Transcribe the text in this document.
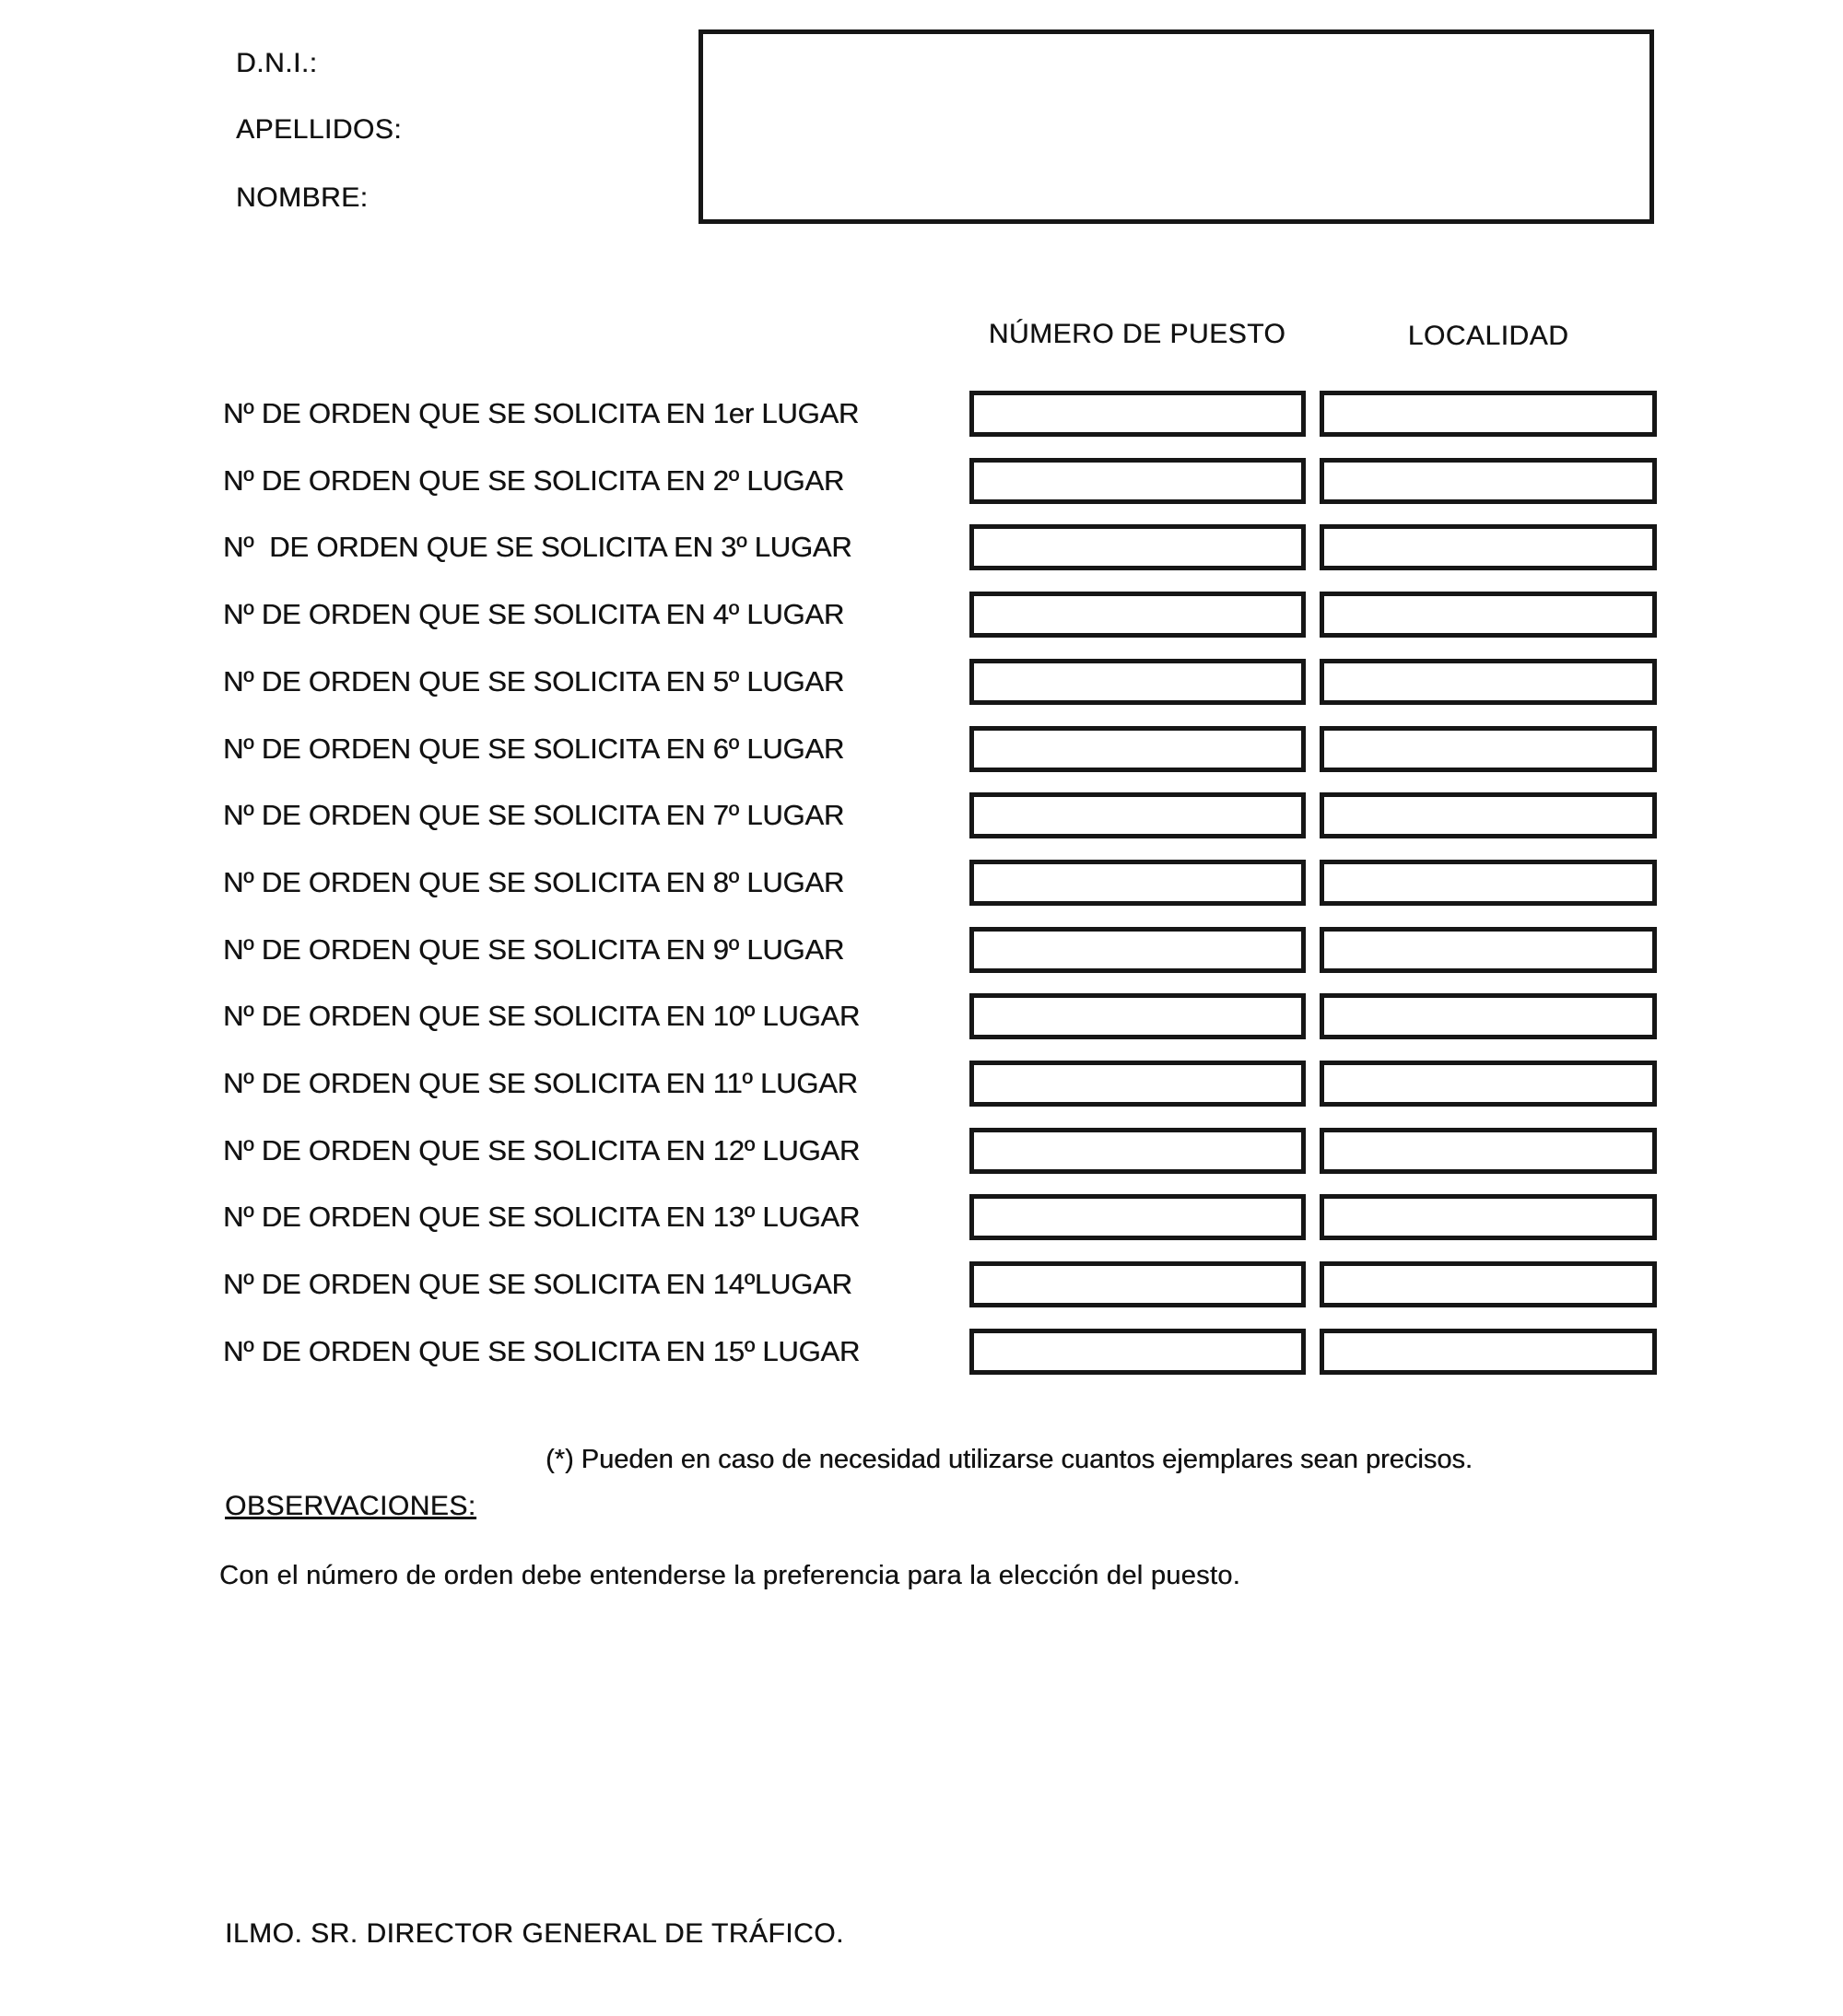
D.N.I.:
APELLIDOS:
NOMBRE:
NÚMERO DE PUESTO	LOCALIDAD
Nº DE ORDEN QUE SE SOLICITA EN 1er LUGAR
Nº DE ORDEN QUE SE SOLICITA EN 2º LUGAR
Nº  DE ORDEN QUE SE SOLICITA EN 3º LUGAR
Nº DE ORDEN QUE SE SOLICITA EN 4º LUGAR
Nº DE ORDEN QUE SE SOLICITA EN 5º LUGAR
Nº DE ORDEN QUE SE SOLICITA EN 6º LUGAR
Nº DE ORDEN QUE SE SOLICITA EN 7º LUGAR
Nº DE ORDEN QUE SE SOLICITA EN 8º LUGAR
Nº DE ORDEN QUE SE SOLICITA EN 9º LUGAR
Nº DE ORDEN QUE SE SOLICITA EN 10º LUGAR
Nº DE ORDEN QUE SE SOLICITA EN 11º LUGAR
Nº DE ORDEN QUE SE SOLICITA EN 12º LUGAR
Nº DE ORDEN QUE SE SOLICITA EN 13º LUGAR
Nº DE ORDEN QUE SE SOLICITA EN 14ºLUGAR
Nº DE ORDEN QUE SE SOLICITA EN 15º LUGAR
(*) Pueden en caso de necesidad utilizarse cuantos ejemplares sean precisos.
OBSERVACIONES:
Con el número de orden debe entenderse la preferencia para la elección del puesto.
ILMO. SR. DIRECTOR GENERAL DE TRÁFICO.
